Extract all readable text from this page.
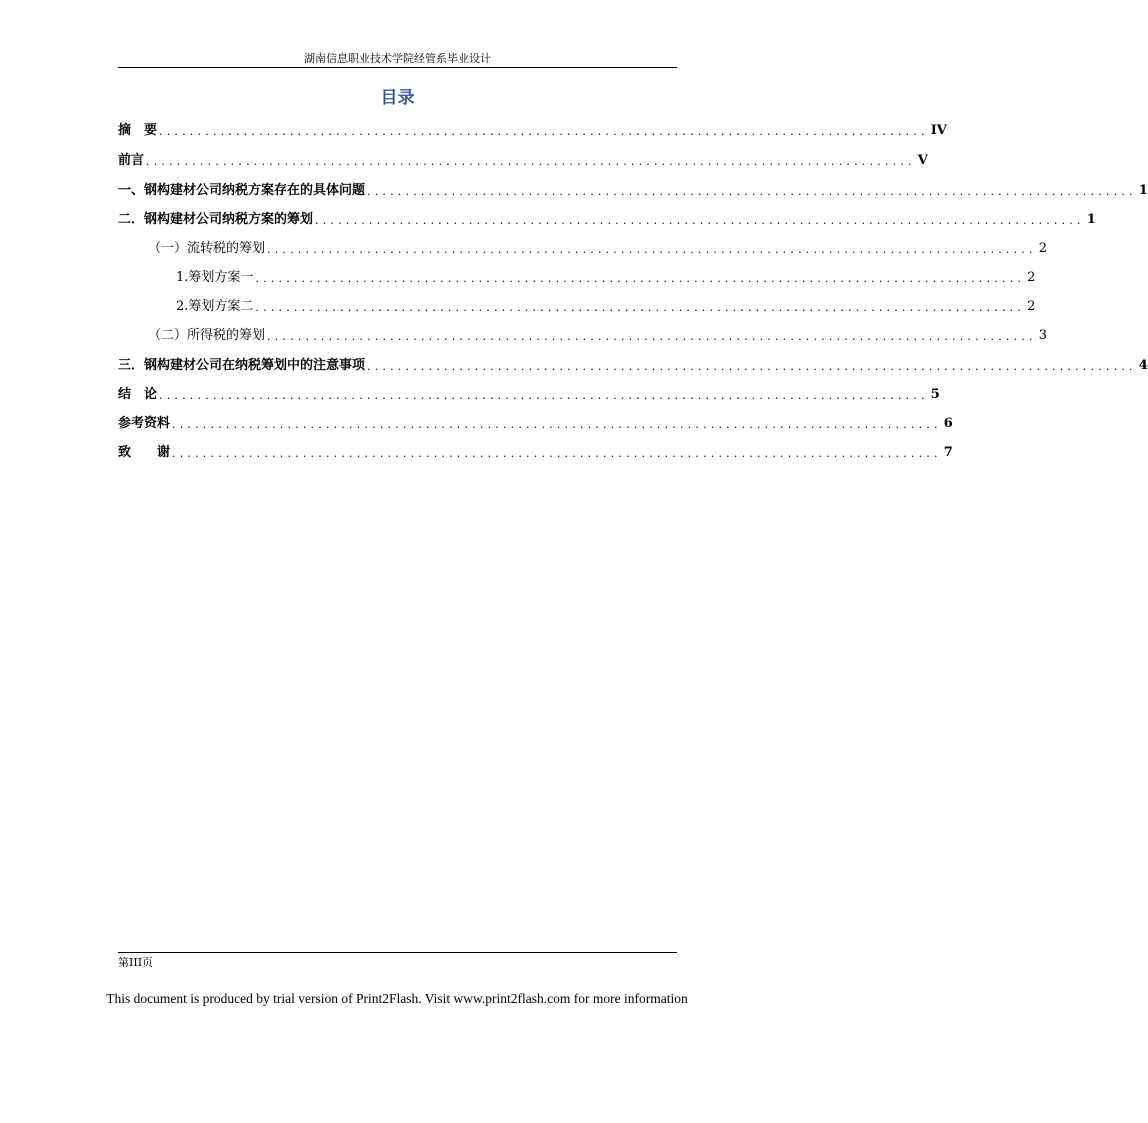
湖南信息职业技术学院经管系毕业设计
目录
摘　要 .................................................................................................... IV
前言 .................................................................................................... V
一、钢构建材公司纳税方案存在的具体问题 .................................................................................................... 1
二．钢构建材公司纳税方案的筹划 .................................................................................................... 1
（一）流转税的筹划 .................................................................................................... 2
1.筹划方案一 .................................................................................................... 2
2.筹划方案二 .................................................................................................... 2
（二）所得税的筹划 .................................................................................................... 3
三．钢构建材公司在纳税筹划中的注意事项 .................................................................................................... 4
结　论 .................................................................................................... 5
参考资料 .................................................................................................... 6
致　　谢 .................................................................................................... 7
第III页
This document is produced by trial version of Print2Flash. Visit www.print2flash.com for more information
